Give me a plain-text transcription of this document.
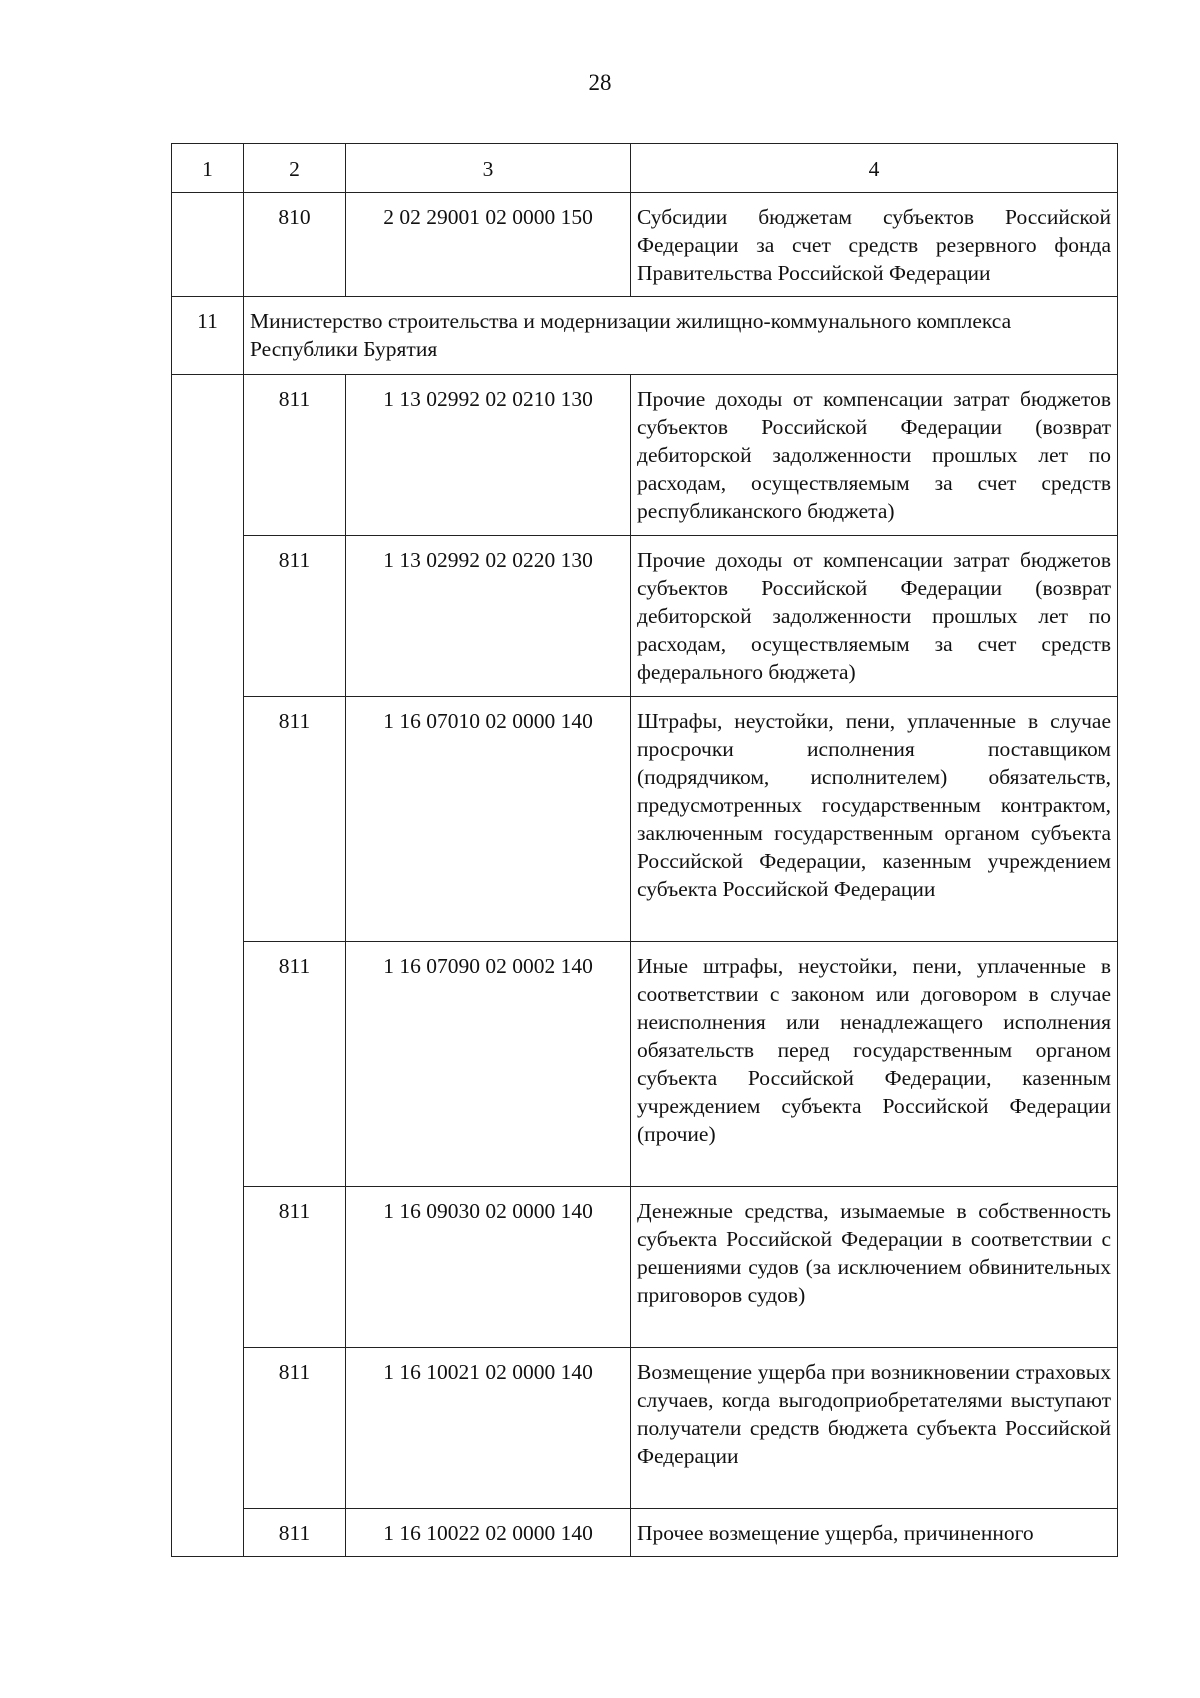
28
1	2	3	4
	810	2 02 29001 02 0000 150	Субсидии бюджетам субъектов Российской Федерации за счет средств резервного фонда Правительства Российской Федерации
11	Министерство строительства и модернизации жилищно-коммунального комплекса Республики Бурятия		
	811	1 13 02992 02 0210 130	Прочие доходы от компенсации затрат бюджетов субъектов Российской Федерации (возврат дебиторской задолженности прошлых лет по расходам, осуществляемым за счет средств республиканского бюджета)
	811	1 13 02992 02 0220 130	Прочие доходы от компенсации затрат бюджетов субъектов Российской Федерации (возврат дебиторской задолженности прошлых лет по расходам, осуществляемым за счет средств федерального бюджета)
	811	1 16 07010 02 0000 140	Штрафы, неустойки, пени, уплаченные в случае просрочки исполнения поставщиком (подрядчиком, исполнителем) обязательств, предусмотренных государственным контрактом, заключенным государственным органом субъекта Российской Федерации, казенным учреждением субъекта Российской Федерации
	811	1 16 07090 02 0002 140	Иные штрафы, неустойки, пени, уплаченные в соответствии с законом или договором в случае неисполнения или ненадлежащего исполнения обязательств перед государственным органом субъекта Российской Федерации, казенным учреждением субъекта Российской Федерации (прочие)
	811	1 16 09030 02 0000 140	Денежные средства, изымаемые в собственность субъекта Российской Федерации в соответствии с решениями судов (за исключением обвинительных приговоров судов)
	811	1 16 10021 02 0000 140	Возмещение ущерба при возникновении страховых случаев, когда выгодоприобретателями выступают получатели средств бюджета субъекта Российской Федерации
	811	1 16 10022 02 0000 140	Прочее возмещение ущерба, причиненного
